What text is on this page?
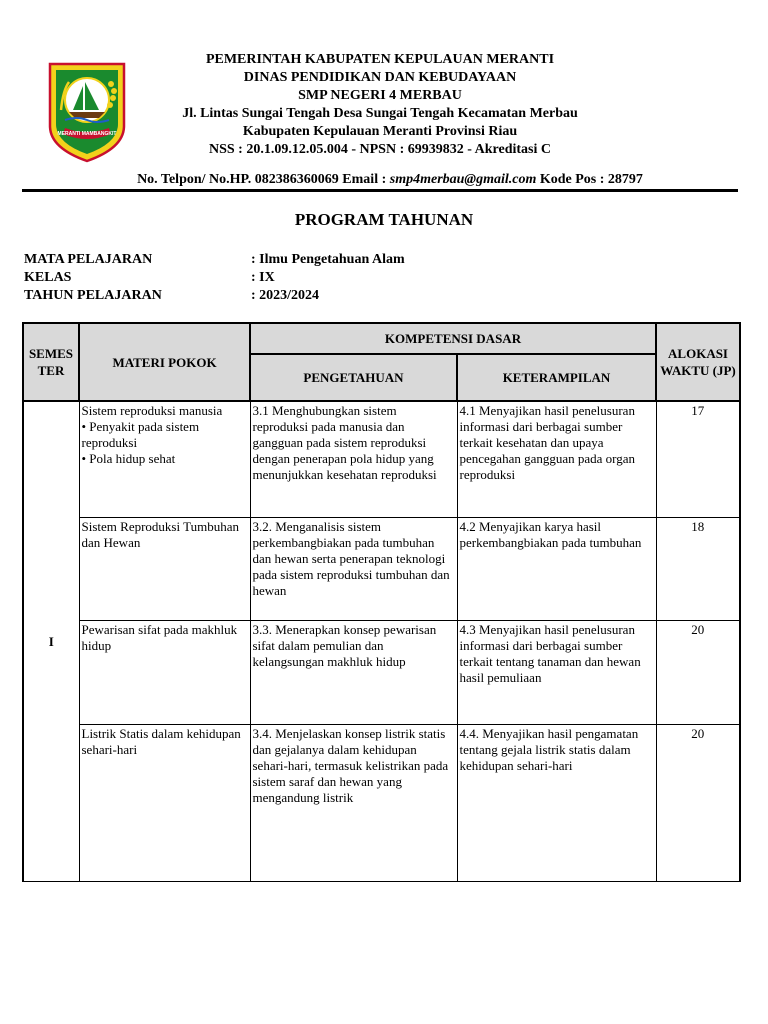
MERANTI MAMBANGKIT
PEMERINTAH KABUPATEN KEPULAUAN MERANTI
DINAS PENDIDIKAN DAN KEBUDAYAAN
SMP NEGERI 4 MERBAU
Jl. Lintas Sungai Tengah Desa Sungai Tengah Kecamatan Merbau
Kabupaten Kepulauan Meranti Provinsi Riau
NSS : 20.1.09.12.05.004 - NPSN : 69939832 - Akreditasi C
No. Telpon/ No.HP. 082386360069 Email : smp4merbau@gmail.com Kode Pos : 28797
PROGRAM TAHUNAN
MATA PELAJARAN	: Ilmu Pengetahuan Alam
KELAS	: IX
TAHUN PELAJARAN	: 2023/2024
SEMES TER	MATERI POKOK	KOMPETENSI DASAR		ALOKASI WAKTU (JP)
		PENGETAHUAN	KETERAMPILAN	
I	Sistem reproduksi manusia
• Penyakit pada sistem reproduksi
• Pola hidup sehat	3.1 Menghubungkan sistem reproduksi pada manusia dan gangguan pada sistem reproduksi dengan penerapan pola hidup yang menunjukkan kesehatan reproduksi	4.1 Menyajikan hasil penelusuran informasi dari berbagai sumber terkait kesehatan dan upaya pencegahan gangguan pada organ reproduksi	17
	Sistem Reproduksi Tumbuhan dan Hewan	3.2. Menganalisis sistem perkembangbiakan pada tumbuhan dan hewan serta penerapan teknologi pada sistem reproduksi tumbuhan dan hewan	4.2 Menyajikan karya hasil perkembangbiakan pada tumbuhan	18
	Pewarisan sifat pada makhluk hidup	3.3. Menerapkan konsep pewarisan sifat dalam pemulian dan kelangsungan makhluk hidup	4.3 Menyajikan hasil penelusuran informasi dari berbagai sumber terkait tentang tanaman dan hewan hasil pemuliaan	20
	Listrik Statis dalam kehidupan sehari-hari	3.4. Menjelaskan konsep listrik statis dan gejalanya dalam kehidupan sehari-hari, termasuk kelistrikan pada sistem saraf dan hewan yang mengandung listrik	4.4. Menyajikan hasil pengamatan tentang gejala listrik statis dalam kehidupan sehari-hari	20
